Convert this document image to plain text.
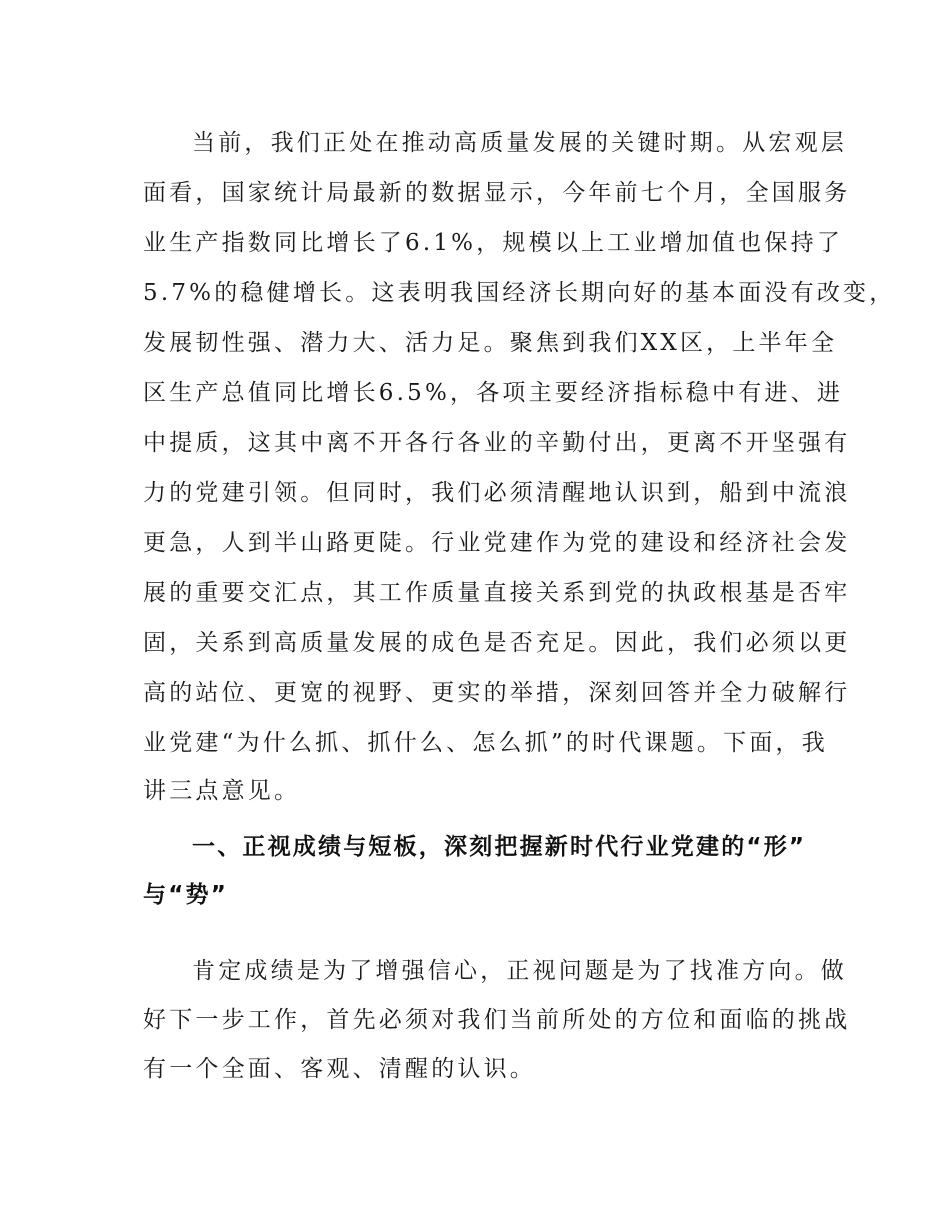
当前，我们正处在推动高质量发展的关键时期。从宏观层
面看，国家统计局最新的数据显示，今年前七个月，全国服务
业生产指数同比增长了6.1%，规模以上工业增加值也保持了
5.7%的稳健增长。这表明我国经济长期向好的基本面没有改变，
发展韧性强、潜力大、活力足。聚焦到我们XX区，上半年全
区生产总值同比增长6.5%，各项主要经济指标稳中有进、进
中提质，这其中离不开各行各业的辛勤付出，更离不开坚强有
力的党建引领。但同时，我们必须清醒地认识到，船到中流浪
更急，人到半山路更陡。行业党建作为党的建设和经济社会发
展的重要交汇点，其工作质量直接关系到党的执政根基是否牢
固，关系到高质量发展的成色是否充足。因此，我们必须以更
高的站位、更宽的视野、更实的举措，深刻回答并全力破解行
业党建“为什么抓、抓什么、怎么抓”的时代课题。下面，我
讲三点意见。
一、正视成绩与短板，深刻把握新时代行业党建的“形”
与“势”
肯定成绩是为了增强信心，正视问题是为了找准方向。做
好下一步工作，首先必须对我们当前所处的方位和面临的挑战
有一个全面、客观、清醒的认识。
